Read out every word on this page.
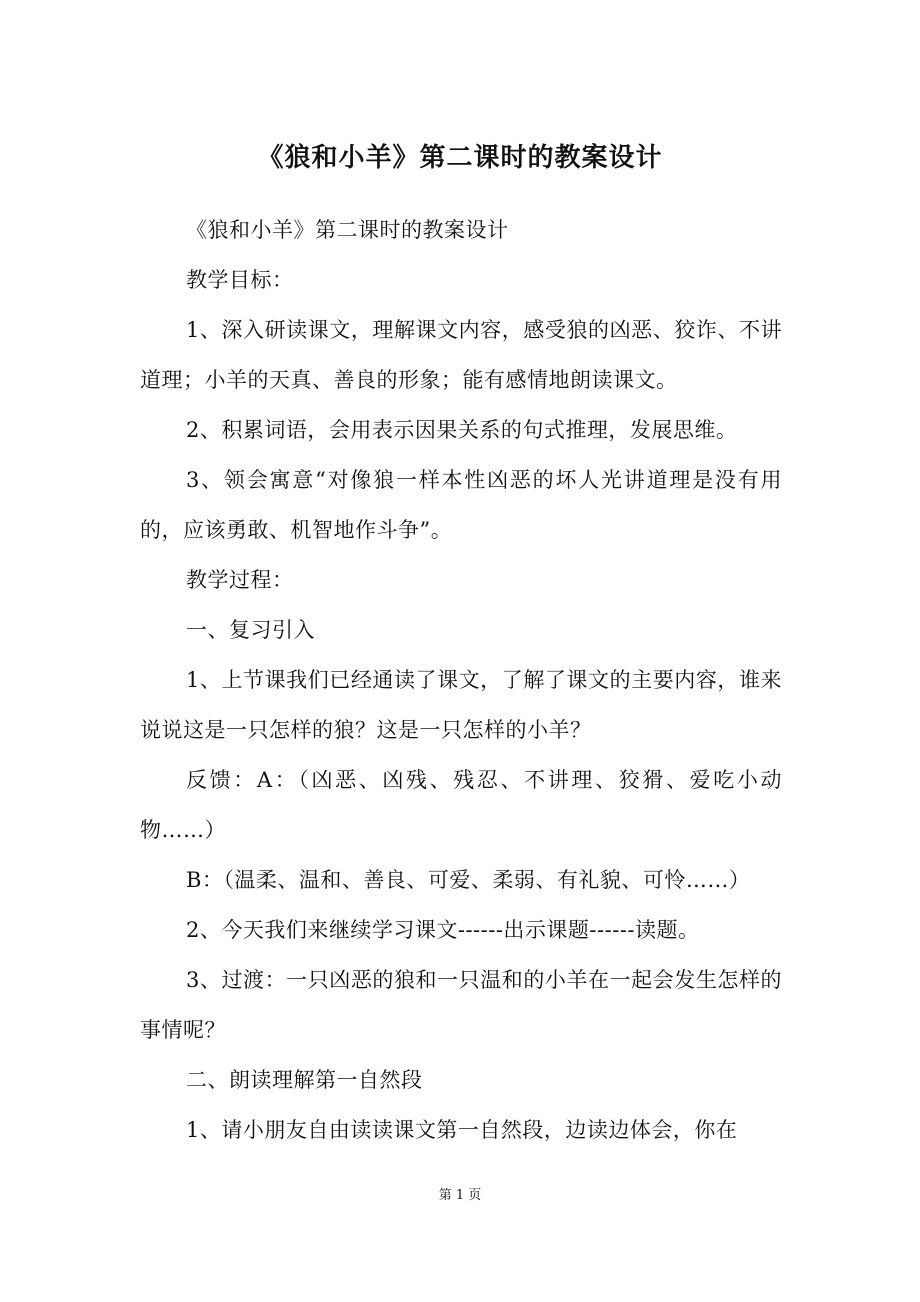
《狼和小羊》第二课时的教案设计

《狼和小羊》第二课时的教案设计

教学目标：

1、深入研读课文，理解课文内容，感受狼的凶恶、狡诈、不讲道理；小羊的天真、善良的形象；能有感情地朗读课文。

2、积累词语，会用表示因果关系的句式推理，发展思维。

3、领会寓意“对像狼一样本性凶恶的坏人光讲道理是没有用的，应该勇敢、机智地作斗争”。

教学过程：

一、复习引入

1、上节课我们已经通读了课文，了解了课文的主要内容，谁来说说这是一只怎样的狼？这是一只怎样的小羊？

反馈：A：（凶恶、凶残、残忍、不讲理、狡猾、爱吃小动物……）

B：（温柔、温和、善良、可爱、柔弱、有礼貌、可怜……）

2、今天我们来继续学习课文------出示课题------读题。

3、过渡：一只凶恶的狼和一只温和的小羊在一起会发生怎样的事情呢？

二、朗读理解第一自然段

1、请小朋友自由读读课文第一自然段，边读边体会，你在

第 1 页
